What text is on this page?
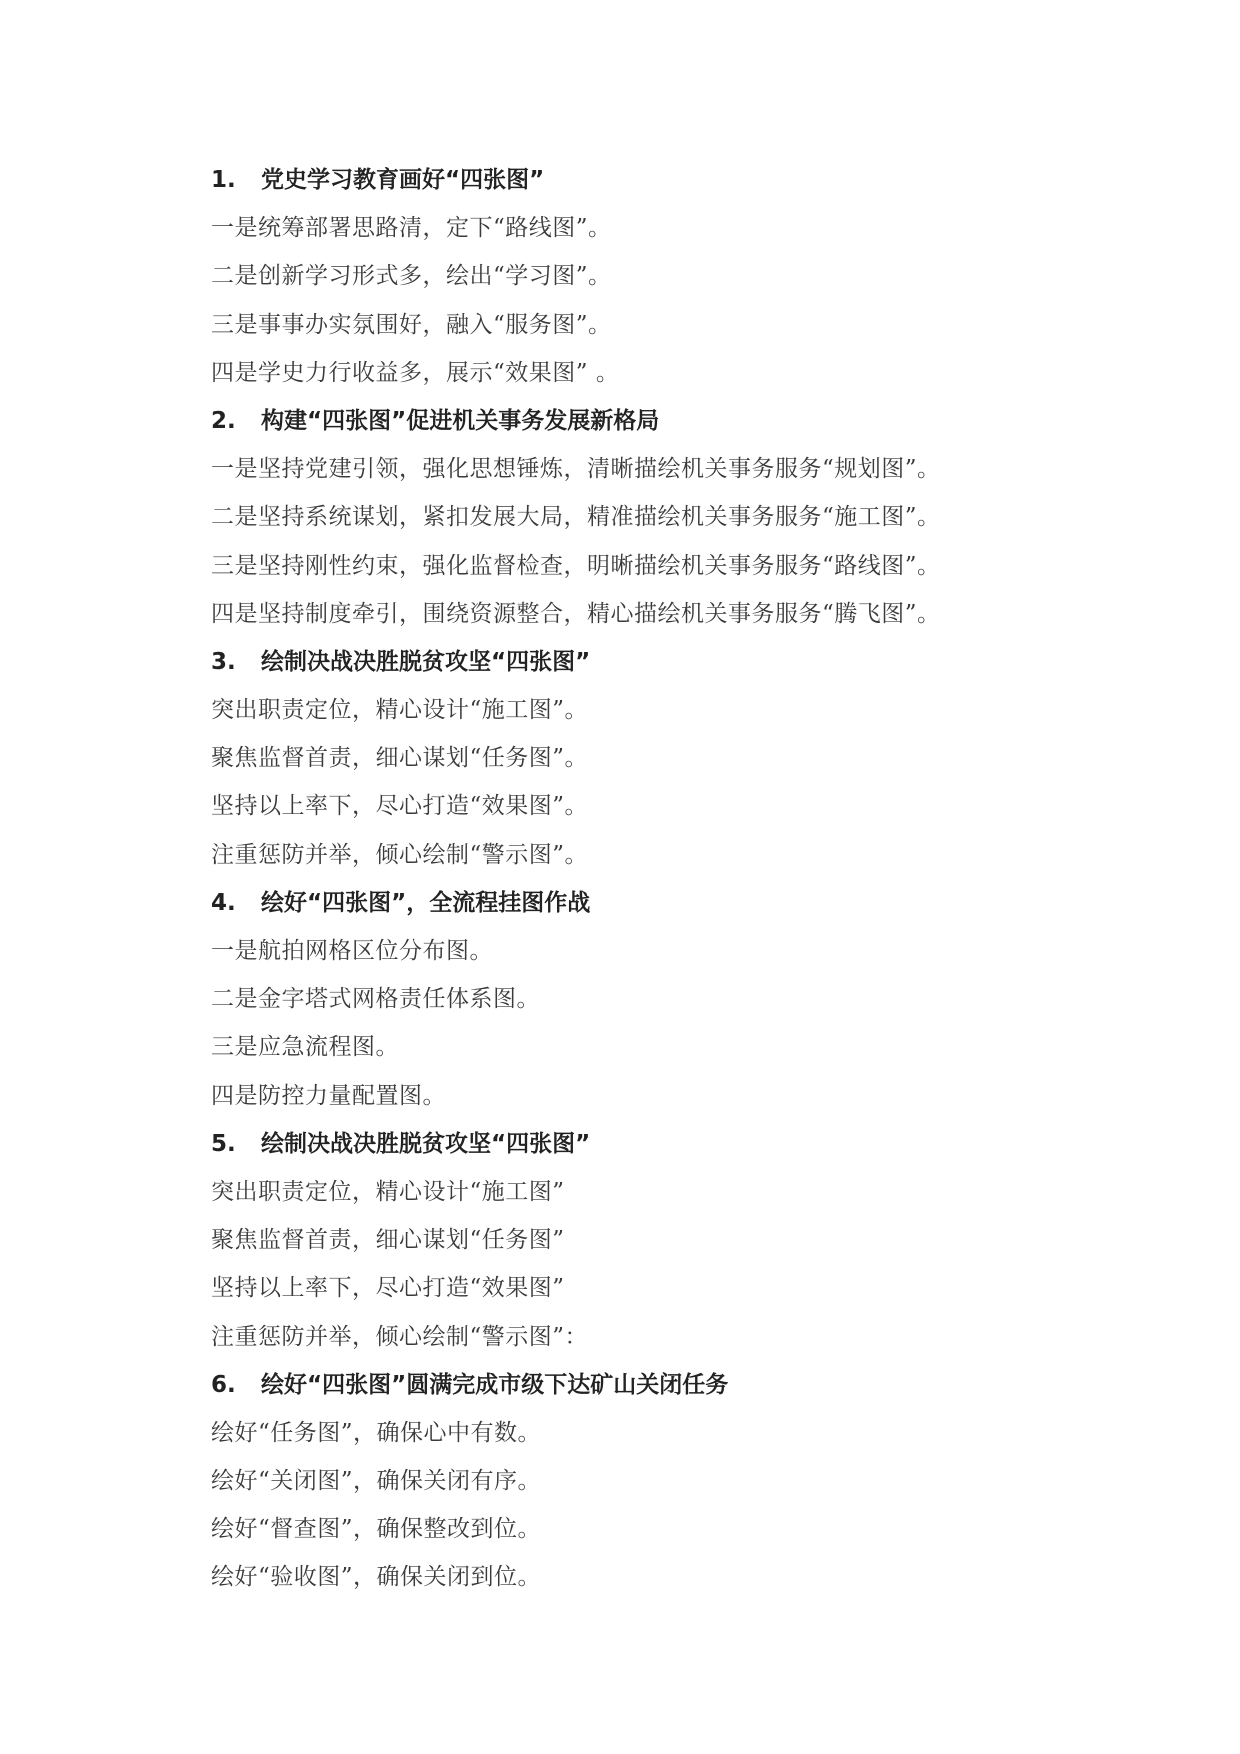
1. 党史学习教育画好“四张图”
一是统筹部署思路清，定下“路线图”。
二是创新学习形式多，绘出“学习图”。
三是事事办实氛围好，融入“服务图”。
四是学史力行收益多，展示“效果图” 。
2. 构建“四张图”促进机关事务发展新格局
一是坚持党建引领，强化思想锤炼，清晰描绘机关事务服务“规划图”。
二是坚持系统谋划，紧扣发展大局，精准描绘机关事务服务“施工图”。
三是坚持刚性约束，强化监督检查，明晰描绘机关事务服务“路线图”。
四是坚持制度牵引，围绕资源整合，精心描绘机关事务服务“腾飞图”。
3. 绘制决战决胜脱贫攻坚“四张图”
突出职责定位，精心设计“施工图”。
聚焦监督首责，细心谋划“任务图”。
坚持以上率下，尽心打造“效果图”。
注重惩防并举，倾心绘制“警示图”。
4. 绘好“四张图”，全流程挂图作战
一是航拍网格区位分布图。
二是金字塔式网格责任体系图。
三是应急流程图。
四是防控力量配置图。
5. 绘制决战决胜脱贫攻坚“四张图”
突出职责定位，精心设计“施工图”
聚焦监督首责，细心谋划“任务图”
坚持以上率下，尽心打造“效果图”
注重惩防并举，倾心绘制“警示图”：
6. 绘好“四张图”圆满完成市级下达矿山关闭任务
绘好“任务图”，确保心中有数。
绘好“关闭图”，确保关闭有序。
绘好“督查图”，确保整改到位。
绘好“验收图”，确保关闭到位。
